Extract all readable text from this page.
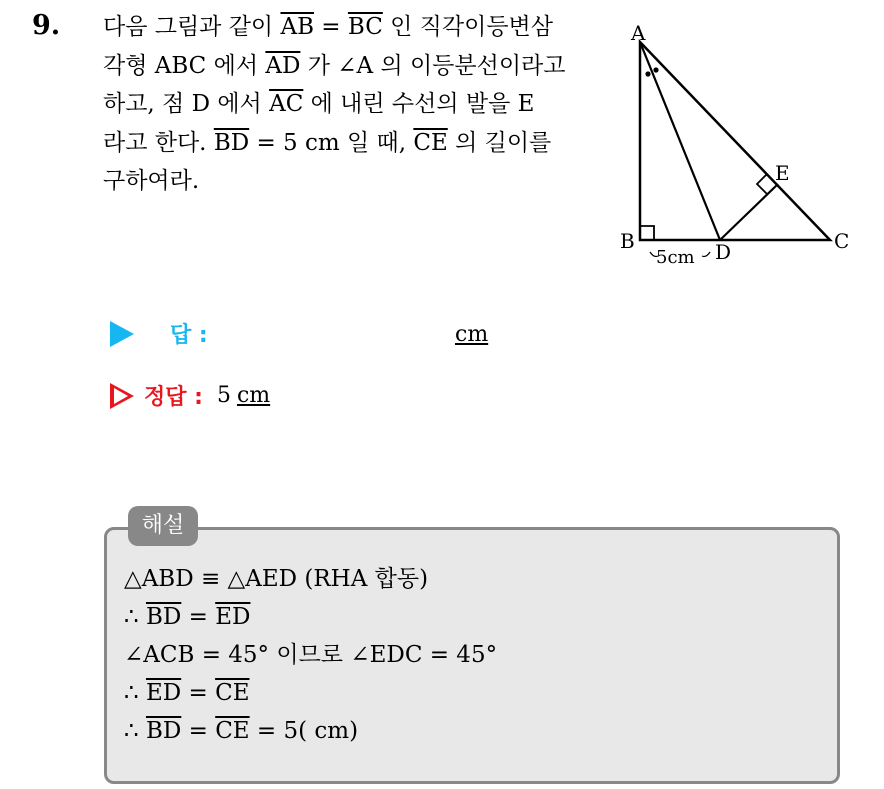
9. 다음 그림과 같이 $\overline{AB} = \overline{BC}$ 인 직각이등변삼
각형 ABC 에서 $\overline{AD}$ 가 ∠A 의 이등분선이라고
하고, 점 D 에서 $\overline{AC}$ 에 내린 수선의 발을 E
라고 한다. $\overline{BD} = 5$ cm 일 때, $\overline{CE}$ 의 길이를
구하여라.
A
B	C
D
E
5cm
답 :	cm
정답 : 5 cm
해설
△ABD ≡ △AED (RHA 합동)
∴ $\overline{BD} = \overline{ED}$
∠ACB = 45° 이므로 ∠EDC = 45°
∴ $\overline{ED} = \overline{CE}$
∴ $\overline{BD} = \overline{CE} = 5$( cm)
